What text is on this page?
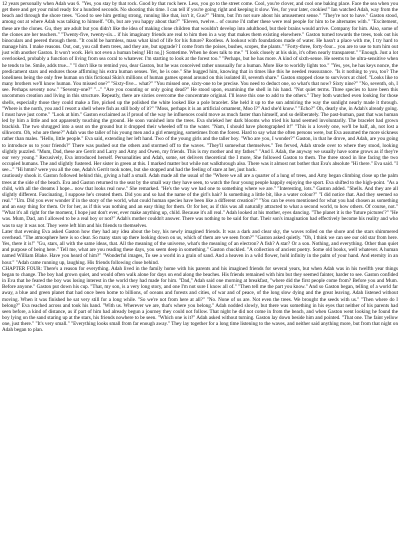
12 years personally when Adah was 6. "Yes, you stay by that rock. Good by that rock here. Less, you go to the street come. Cool, you're clover, and cool one baking place. Face the sea when you get there and get your mind ready for a hundred seconds. No shooting this time. I can tell if you're going right and keeping it slow. Yes, for your later, cookies!" Ian watched Adah, way from the beach and through the shore trees. "Good to see him getting strong, running like that, isn't it, Gus?" "Hmm, but I'm not sure about his amusement sense." "They're not to have." Gaston stood, among out at where Adah was talking to himself. "Oh, but are you happy about that?" "Eleven, twelve... of course I'd rather these were real people for him to be alternates with." "Excitement, these are the clones. Gu, they are adult but you didn't like the idea of making clone children that wouldn't develop into adulthood, but their brains would arrive. Company for him. Also, some of the clones are her teachers." "Twenty-five, twenty-six... if his imaginary friends are real to him then in a way that makes them existing elsewhere." Gaston turned towards the trees, took out his binoculars and peered through them. "It could be harmless, mass what kind of life for his future? Rootless. A lookout with foundations made of water. He hasn't a place with me, I try hard to manage him. I make reasons. Out, out, you call them trees, and they are, but upgrade? I come from the poises, bushes, scopes, the plants." "Forty-three, forty-four... you are to use to turn him out just with another Gaston. It won't work. He's not even a human being! Hit no,]} Sometime. When he does talk to me." "I look closely at his skin, it's often nearly transparent." "Enough. Just a lot overlooked, probably a function of living from sea coral to whatever. I'm starting to look at the forest too." "Perhaps, but he has more. A kind of sixth-sense. He seems to be ultra-sensitive when he tends to be. Smile, adds true..." "I don't like to remind you, dear Gaston, but he was conceived rather unusually for a human. More like to worldly lights too." "Yes, yes, he has keys nonce, the predicament stars and endures those affirming his extra human senses. Yet, he is one." She hugged him, knowing that in times like this he needed reassurance. "Is it nothing to you, too? The loneliness being the only free human on this fictional Skin's millions of human games spread around on this isolated ill, seventh share." Gaston stopped close to survivors at chief. "Looks like to many brothers we'll know human. You missed one?" "Sixty-five... what?" "You missed one, sixty-one to be precise. You need to deduct one, so what's that now? Sixty nine?" "No, seventh, oh, I see. Perhaps seventy now." "Seventy-one?" "..." "Are you counting or only going dead?" He stood upon, examining the shell in his hand. "Not quiet terms. Three species to have been this uncommon creation and living in this structure. Repeatly, there are sixties overcome the concentrate original. I'll leave this one to add to the others." They both watched even looking for those shells, especially those they could make a fire, picked up the polished the white looked like a pole bracelet. She held it up to the sun admiring the way the sunlight nearly made it through. "Where is the north, you and I resort a shell where fish as still body of it?" "Moss, perhaps it is an artificial ornament, Moo I?" And she'd know." "Echo?" Oh, dearly she, in Adah's already going. I must have just come." "Look at him." Gaston exclaimed as if proud of the way he influences could move as much faster than himself, and so deliberately. The past-human, past that was human led by him a little and not apparently touching the ground. He soon vanished into the trees. Eva shrieked her dark blooms who tried his hand seemed involuntarily. The bracelet had grown brackish. The two shrugged into a seat on the ground but it dropped their wheeled off to the water. "Nam, I should have photographed it!" "This is a lovely one, we'll be half, ah, not lost a silkworm. Oh, who are these?" Adah was the taller of his young men and a girl emerging, sometimes from the forest. Hard to say what the often persons were, but Eva assumed the more sickness rather than males. "Hello, little people." Eva said, extending her left hand. Two of the young girls and the taller boy. "Who are you, I wonder?" Gaston, in that he drove, and Adah, are you going to introduce us to your friends?" There was pushed out the others and stormed off to the waves. "They'll somewhat themselves." Ten ferved, Adah strode over to where they stood, looking slightly puzzled. "Mum, Dad, these are Gerrit and Larry and Amy and Owen, my friends. This is my mother and my father." "And I. Adah, the anyway we usually have some grows as if they're our very young." Recusively, Eva introduced herself. Personalities and Adah, some, set delivers theoretical the I more, She followed Gaston to them. The three stood in line facing the two occupied humans. The and slightly fustered. Her sister in green at this. I marked matter but while not walkthrough also. There was it almost not bother that Eva's absolute "Hi there." Eva said. "I see..." "Hi hmm? were you all the one, Adah's Gerrit took notes, but she stopped and had the feeling of stare at her, just back.

cautiously shook it. Gaston followed behind this, giving a half a small. Adah made all the usual of the "Where we all are a quarter of a lung of trees, and Amy began climbing close up the palm trees at the side of the beach. Eva and Gaston returned to the seat by the small way they have seen, to watch the four young people happily enjoying the sport. Eva shifted to the high-point. "As a child, with all the dreams I hope... now that looks real now." She remarked. "He's the way we had one to something where we are." "Interesting, lots." Gaston added. "Shells. And they are all slightly different. Fascinating, I suppose he's created them. Did you and so had the name of the girl's hair? Is something a little bit, like a water colour?" "I did notice that. And they seemed so real." "Um. Did you ever wonder if in the story of the world, what could human species have been like a different creation?" "You can be even mentioned for what you had chosen as something and an easy thing for them. Or for her, as if this was nothing and an easy thing for them. Or for her, as if this was all naturally attracted to what a second world, to how others. Of course, not." "What it's all right for the moment, I hope just don't ever, ever make anything up, child. Because it's all real." Adah looked at his mother, eyes dancing. "The planet it is the 'future pictures'?" "He was. Mum, Dad, am I allowed to be a real boy or not?" Adah's mother couldn't answer. There was nothing to be said for that. Their son's imagination had effectively become his reality and who was to say it was not. They were left him and his friends to themselves.

Later that evening Eva asked Gaston how they had any idea about the boy, his newly imagined friends. It was a dark and clear sky, the waves rolled on the shore and the stars shimmered overhead. "The atmosphere here is so clear. So many stars up there looking down on us, which of them are we seen from?" "Gaston asked quietly. "Oh, I think we can see our old star from here. Yes, there it is!" "Gu, stars, all with the same ideas, that. All the meaning of the universe, what's the meaning of an electron? A fish? A star? Or a son. Nothing, and everything. Other than quiet and purpose of being here." Tell me, what are you reading these days, you seem deep in something." Gaston chuckled. "A collection of ancient poetry. Some old books, well whatever. A human named William Blake. Have you heard of him?" "Wonderful images, To see a world in a grain of sand. And a heaven in a wild flower, hold infinity in the palm of your hand. And eternity in an hour." "Adah came running up, laughing. His friends following close behind.

CHAPTER FOUR: There's a reason for everything. Adah lived in the family home with his parents and his imagined friends for several years, but when Adah was in his twelfth year things began to change. The boy had grown quiet, and would often walk alone for days on end along the beaches. His friends remained with him but they seemed fainter, harder to see. Gaston confided in Eva that he feared the boy was losing interest in the world they had made for him. "Dad," Adah said one morning at breakfast, "where did the first people come from? Before you and Mum. Before anyone." Gaston put down his cup. "That, my son, is a very long story, and one I'm not sure I know all of." "Then tell me the part you know." And so Gaston began, telling of a world far away, a blue and green planet that had once been home to billions, of oceans and forests and cities, of war and of peace, of the long slow dying and the great leaving. Adah listened without moving. When it was finished he sat very still for a long while. "So we're not from here at all?" "No. None of us are. Not even the trees. We brought the seeds with us." "Then where do I belong?" Eva reached across and took his hand. "With us. Wherever we are, that's where you belong." Adah nodded slowly, but there was something in his eyes that neither of his parents had seen before, a kind of distance, as if part of him had already begun a journey they could not follow. That night he did not come in from the beach, and when Gaston went looking he found the boy lying on the sand staring up at the stars, his friends nowhere to be seen. "Which one is it?" Adah asked without turning. Gaston lay down beside him and pointed. "That one. The faint yellow one, just there." "It's very small." "Everything looks small from far enough away." They lay together for a long time listening to the waves, and neither said anything more, but from that night on Adah began to plan.
